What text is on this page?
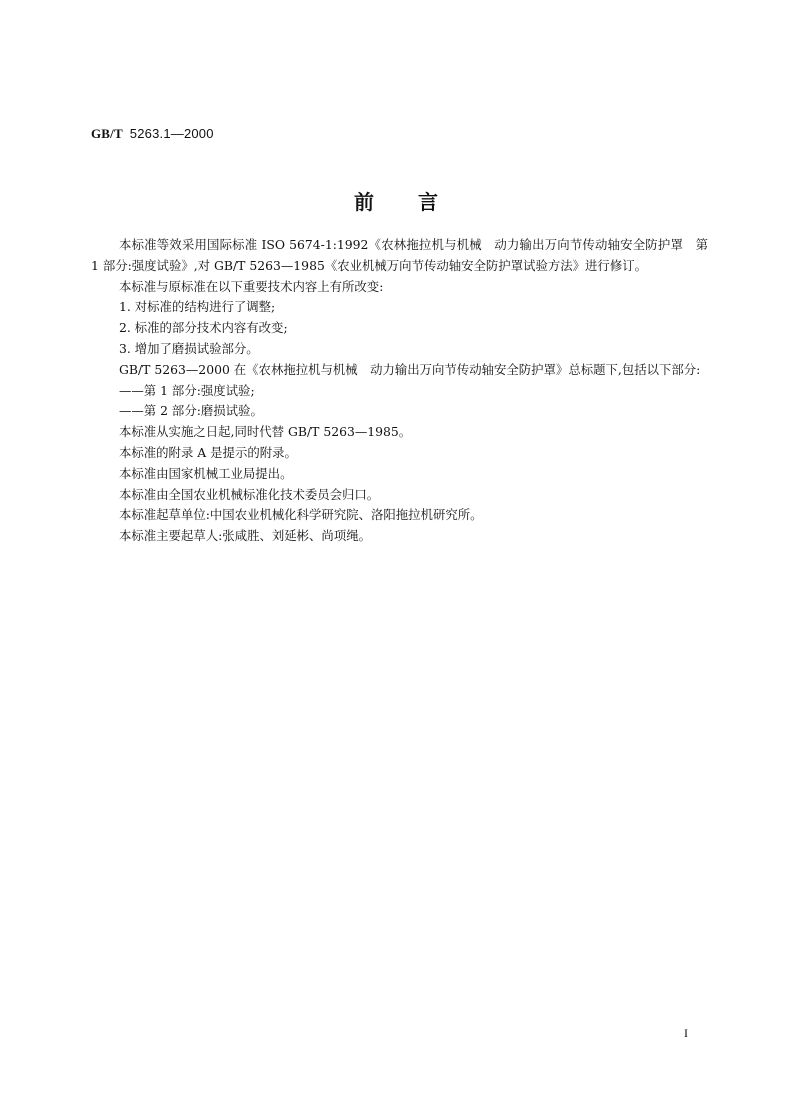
GB/T 5263.1—2000
前言

本标准等效采用国际标准 ISO 5674-1:1992《农林拖拉机与机械　动力输出万向节传动轴安全防护罩　第 1 部分:强度试验》,对 GB/T 5263—1985《农业机械万向节传动轴安全防护罩试验方法》进行修订。

本标准与原标准在以下重要技术内容上有所改变:

1. 对标准的结构进行了调整;

2. 标准的部分技术内容有改变;

3. 增加了磨损试验部分。

GB/T 5263—2000 在《农林拖拉机与机械　动力输出万向节传动轴安全防护罩》总标题下,包括以下部分:

——第 1 部分:强度试验;

——第 2 部分:磨损试验。

本标准从实施之日起,同时代替 GB/T 5263—1985。

本标准的附录 A 是提示的附录。

本标准由国家机械工业局提出。

本标准由全国农业机械标准化技术委员会归口。

本标准起草单位:中国农业机械化科学研究院、洛阳拖拉机研究所。

本标准主要起草人:张咸胜、刘延彬、尚项绳。

I
